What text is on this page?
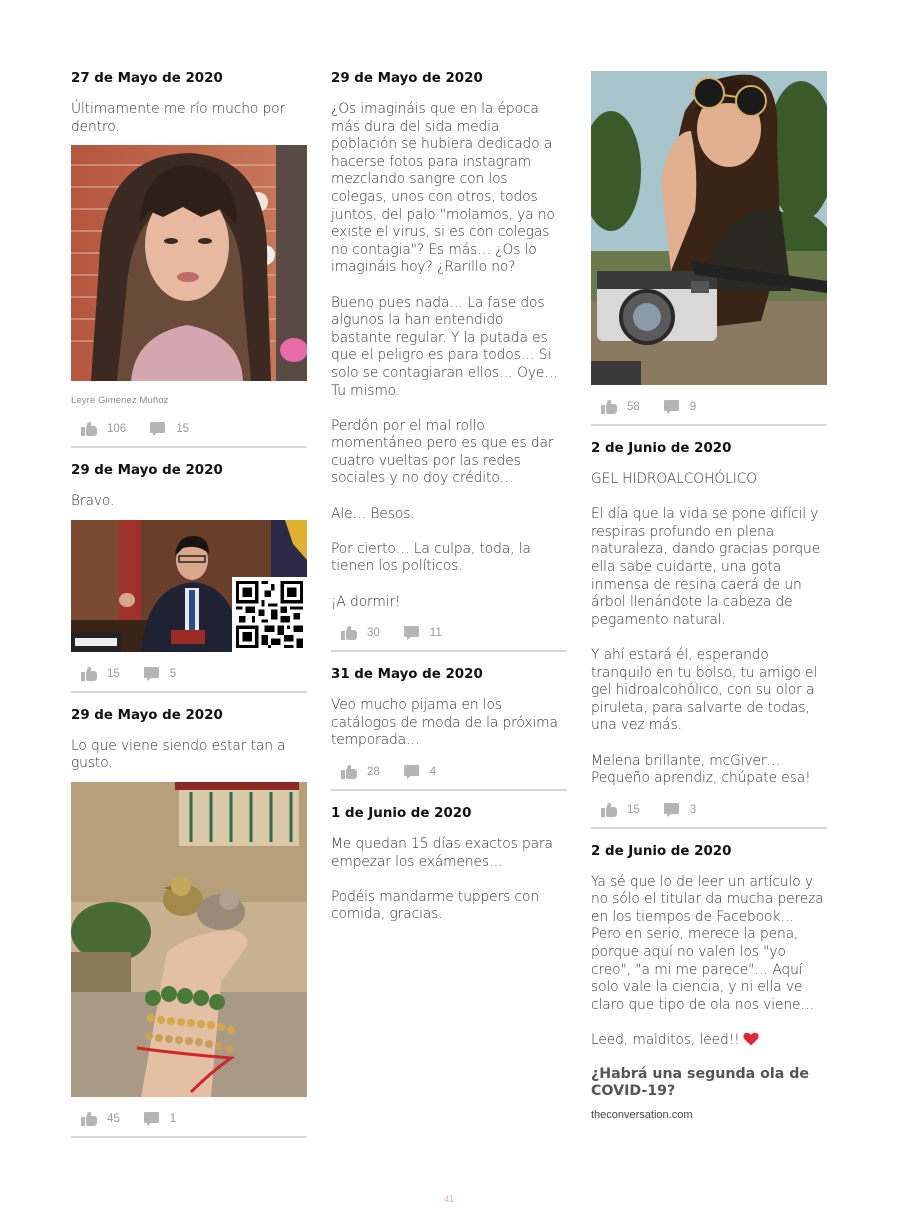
27 de Mayo de 2020

Últimamente me río mucho por dentro.

Leyre Gimenez Muñoz
106	15
29 de Mayo de 2020

Bravo.

15	5
29 de Mayo de 2020

Lo que viene siendo estar tan a gusto.

45	1
29 de Mayo de 2020

¿Os imagináis que en la época más dura del sida media población se hubiera dedicado a hacerse fotos para instagram mezclando sangre con los colegas, unos con otros, todos juntos, del palo "molamos, ya no existe el virus, si es con colegas no contagia"? Es más… ¿Os lo imagináis hoy? ¿Rarillo no?

Bueno pues nada… La fase dos algunos la han entendido bastante regular. Y la putada es que el peligro es para todos… Si solo se contagiaran ellos… Oye… Tu mismo.

Perdón por el mal rollo momentáneo pero es que es dar cuatro vueltas por las redes sociales y no doy crédito…

Ale… Besos.

Por cierto… La culpa, toda, la tienen los políticos.

¡A dormir!

30	11
31 de Mayo de 2020

Veo mucho pijama en los catálogos de moda de la próxima temporada…

28	4
1 de Junio de 2020

Me quedan 15 días exactos para empezar los exámenes…

Podéis mandarme tuppers con comida, gracias.

58	9
2 de Junio de 2020

GEL HIDROALCOHÓLICO

El día que la vida se pone difícil y respiras profundo en plena naturaleza, dando gracias porque ella sabe cuidarte, una gota inmensa de resina caerá de un árbol llenándote la cabeza de pegamento natural.

Y ahí estará él, esperando tranquilo en tu bolso, tu amigo el gel hidroalcohólico, con su olor a piruleta, para salvarte de todas, una vez más.

Melena brillante, mcGiver… Pequeño aprendiz, chúpate esa!

15	3
2 de Junio de 2020

Ya sé que lo de leer un artículo y no sólo el titular da mucha pereza en los tiempos de Facebook… Pero en serio, merece la pena, porque aquí no valen los "yo creo", "a mi me parece"… Aquí solo vale la ciencia, y ni ella ve claro que tipo de ola nos viene…

Leed, malditos, leed!!

¿Habrá una segunda ola de COVID-19?
theconversation.com
41
